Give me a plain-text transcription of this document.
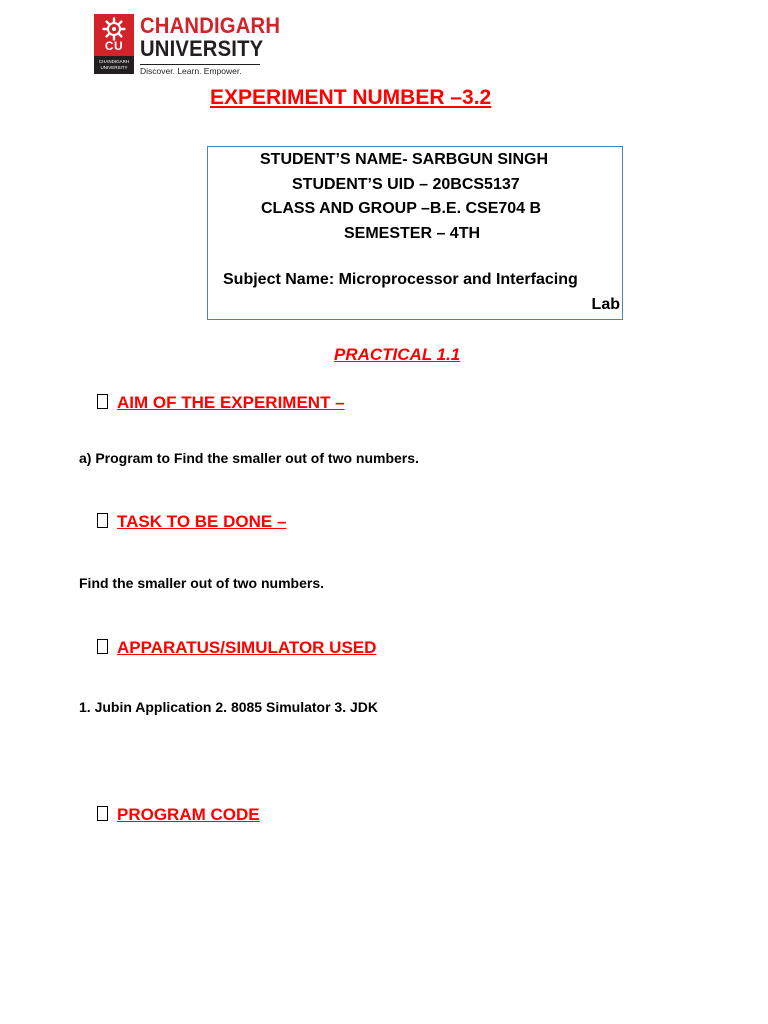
CU
CHANDIGARH UNIVERSITY
CHANDIGARH
UNIVERSITY
Discover. Learn. Empower.
EXPERIMENT NUMBER –3.2
STUDENT’S NAME- SARBGUN SINGH
STUDENT’S UID – 20BCS5137
CLASS AND GROUP –B.E. CSE704 B
SEMESTER – 4TH
Subject Name: Microprocessor and Interfacing
Lab
PRACTICAL 1.1
AIM OF THE EXPERIMENT –
a) Program to Find the smaller out of two numbers.
TASK TO BE DONE –
Find the smaller out of two numbers.
APPARATUS/SIMULATOR USED
1. Jubin Application 2. 8085 Simulator 3. JDK
PROGRAM CODE
